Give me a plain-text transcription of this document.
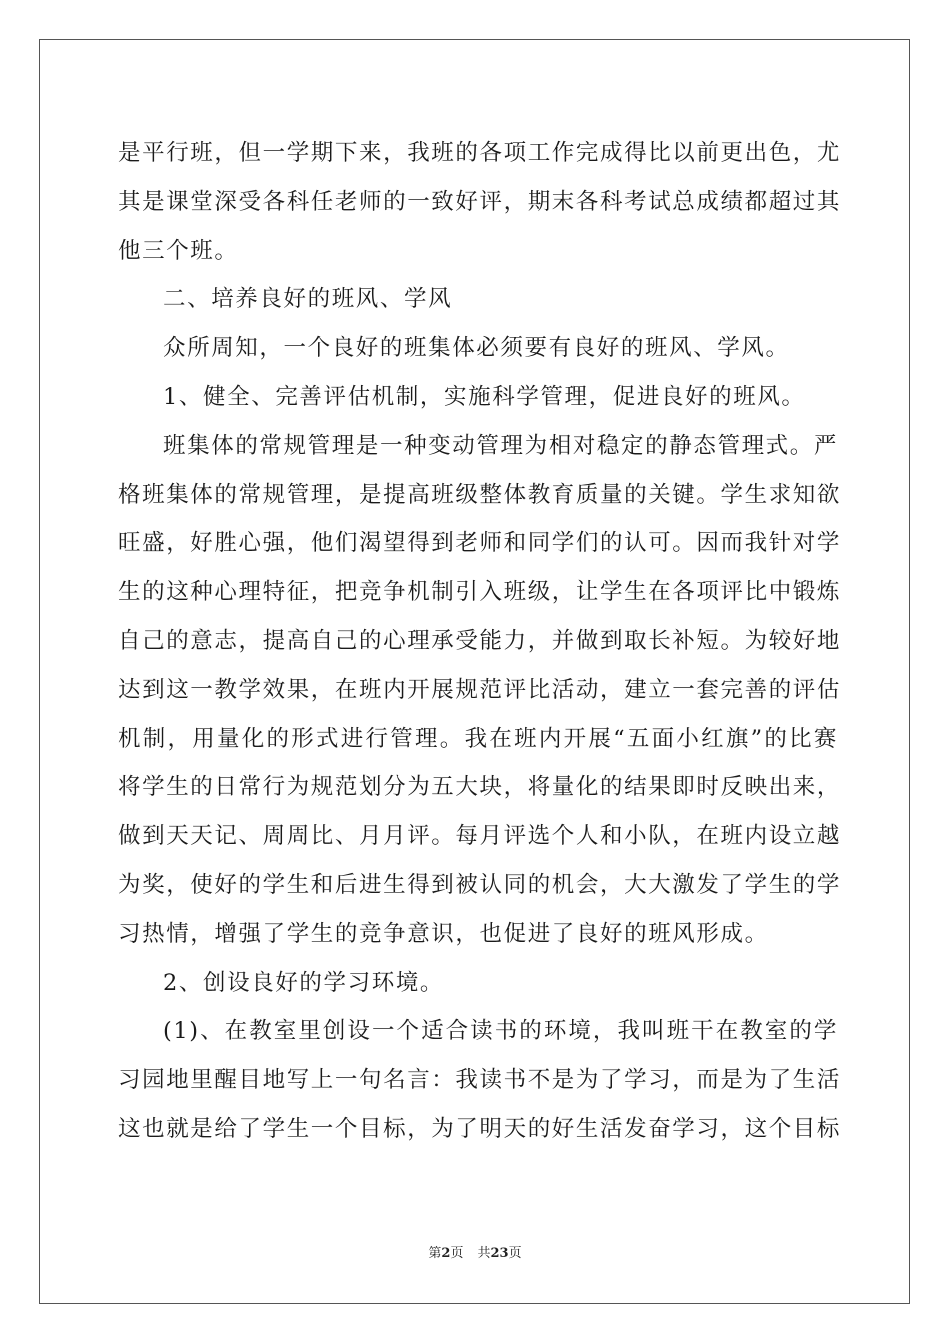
是平行班，但一学期下来，我班的各项工作完成得比以前更出色，尤
其是课堂深受各科任老师的一致好评，期末各科考试总成绩都超过其
他三个班。
二、培养良好的班风、学风
众所周知，一个良好的班集体必须要有良好的班风、学风。
1、健全、完善评估机制，实施科学管理，促进良好的班风。
班集体的常规管理是一种变动管理为相对稳定的静态管理式。严
格班集体的常规管理，是提高班级整体教育质量的关键。学生求知欲
旺盛，好胜心强，他们渴望得到老师和同学们的认可。因而我针对学
生的这种心理特征，把竞争机制引入班级，让学生在各项评比中锻炼
自己的意志，提高自己的心理承受能力，并做到取长补短。为较好地
达到这一教学效果，在班内开展规范评比活动，建立一套完善的评估
机制，用量化的形式进行管理。我在班内开展“五面小红旗”的比赛
将学生的日常行为规范划分为五大块，将量化的结果即时反映出来，
做到天天记、周周比、月月评。每月评选个人和小队，在班内设立越
为奖，使好的学生和后进生得到被认同的机会，大大激发了学生的学
习热情，增强了学生的竞争意识，也促进了良好的班风形成。
2、创设良好的学习环境。
(1)、在教室里创设一个适合读书的环境，我叫班干在教室的学
习园地里醒目地写上一句名言：我读书不是为了学习，而是为了生活
这也就是给了学生一个目标，为了明天的好生活发奋学习，这个目标
第2页 共23页
